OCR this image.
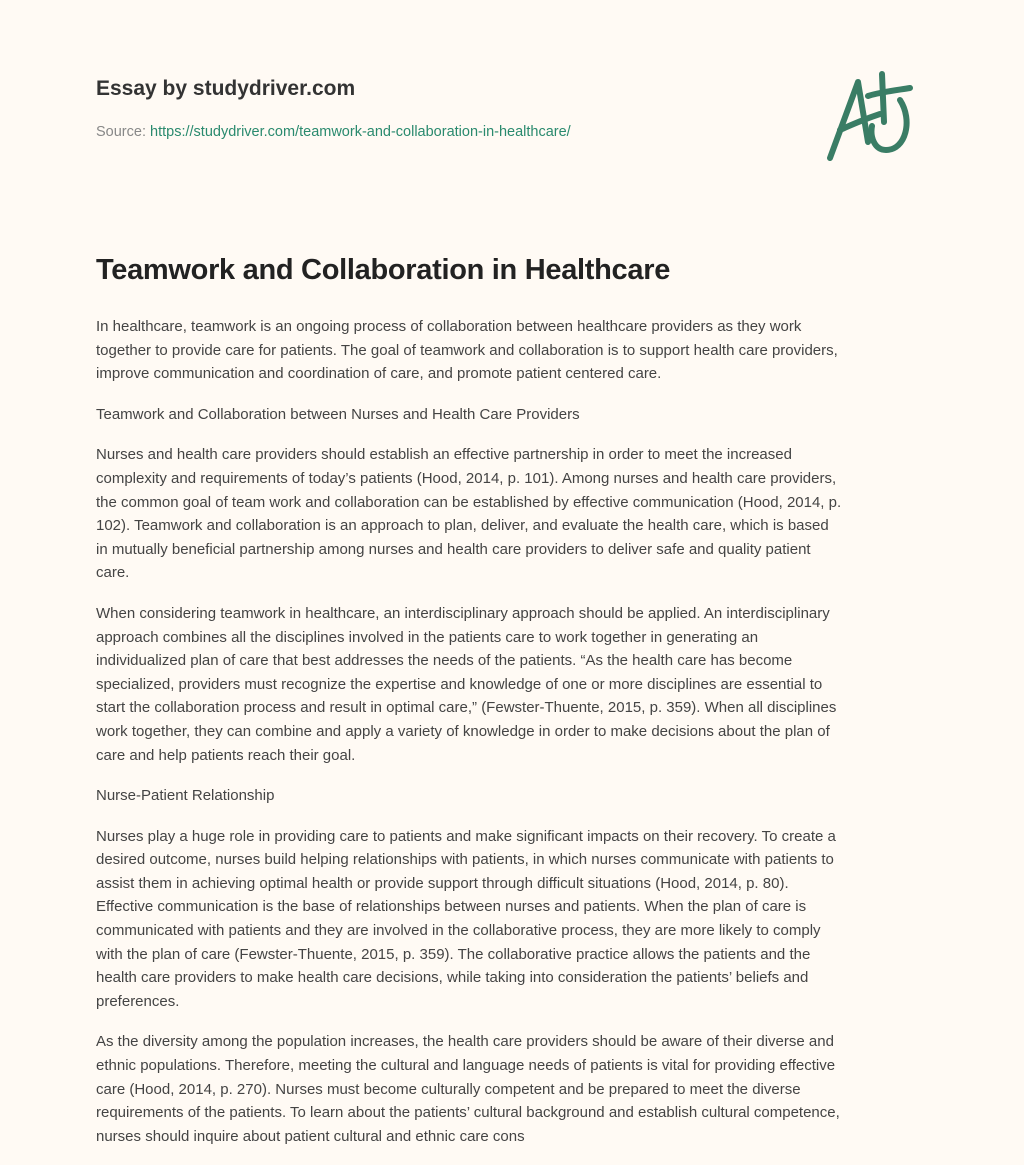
Essay by studydriver.com
Source: https://studydriver.com/teamwork-and-collaboration-in-healthcare/
Teamwork and Collaboration in Healthcare

In healthcare, teamwork is an ongoing process of collaboration between healthcare providers as they work
together to provide care for patients. The goal of teamwork and collaboration is to support health care providers,
improve communication and coordination of care, and promote patient centered care.

Teamwork and Collaboration between Nurses and Health Care Providers

Nurses and health care providers should establish an effective partnership in order to meet the increased
complexity and requirements of today’s patients (Hood, 2014, p. 101). Among nurses and health care providers,
the common goal of team work and collaboration can be established by effective communication (Hood, 2014, p.
102). Teamwork and collaboration is an approach to plan, deliver, and evaluate the health care, which is based
in mutually beneficial partnership among nurses and health care providers to deliver safe and quality patient
care.

When considering teamwork in healthcare, an interdisciplinary approach should be applied. An interdisciplinary
approach combines all the disciplines involved in the patients care to work together in generating an
individualized plan of care that best addresses the needs of the patients. “As the health care has become
specialized, providers must recognize the expertise and knowledge of one or more disciplines are essential to
start the collaboration process and result in optimal care,” (Fewster-Thuente, 2015, p. 359). When all disciplines
work together, they can combine and apply a variety of knowledge in order to make decisions about the plan of
care and help patients reach their goal.

Nurse-Patient Relationship

Nurses play a huge role in providing care to patients and make significant impacts on their recovery. To create a
desired outcome, nurses build helping relationships with patients, in which nurses communicate with patients to
assist them in achieving optimal health or provide support through difficult situations (Hood, 2014, p. 80).
Effective communication is the base of relationships between nurses and patients. When the plan of care is
communicated with patients and they are involved in the collaborative process, they are more likely to comply
with the plan of care (Fewster-Thuente, 2015, p. 359). The collaborative practice allows the patients and the
health care providers to make health care decisions, while taking into consideration the patients’ beliefs and
preferences.

As the diversity among the population increases, the health care providers should be aware of their diverse and
ethnic populations. Therefore, meeting the cultural and language needs of patients is vital for providing effective
care (Hood, 2014, p. 270). Nurses must become culturally competent and be prepared to meet the diverse
requirements of the patients. To learn about the patients’ cultural background and establish cultural competence,
nurses should inquire about patient cultural and ethnic care cons
